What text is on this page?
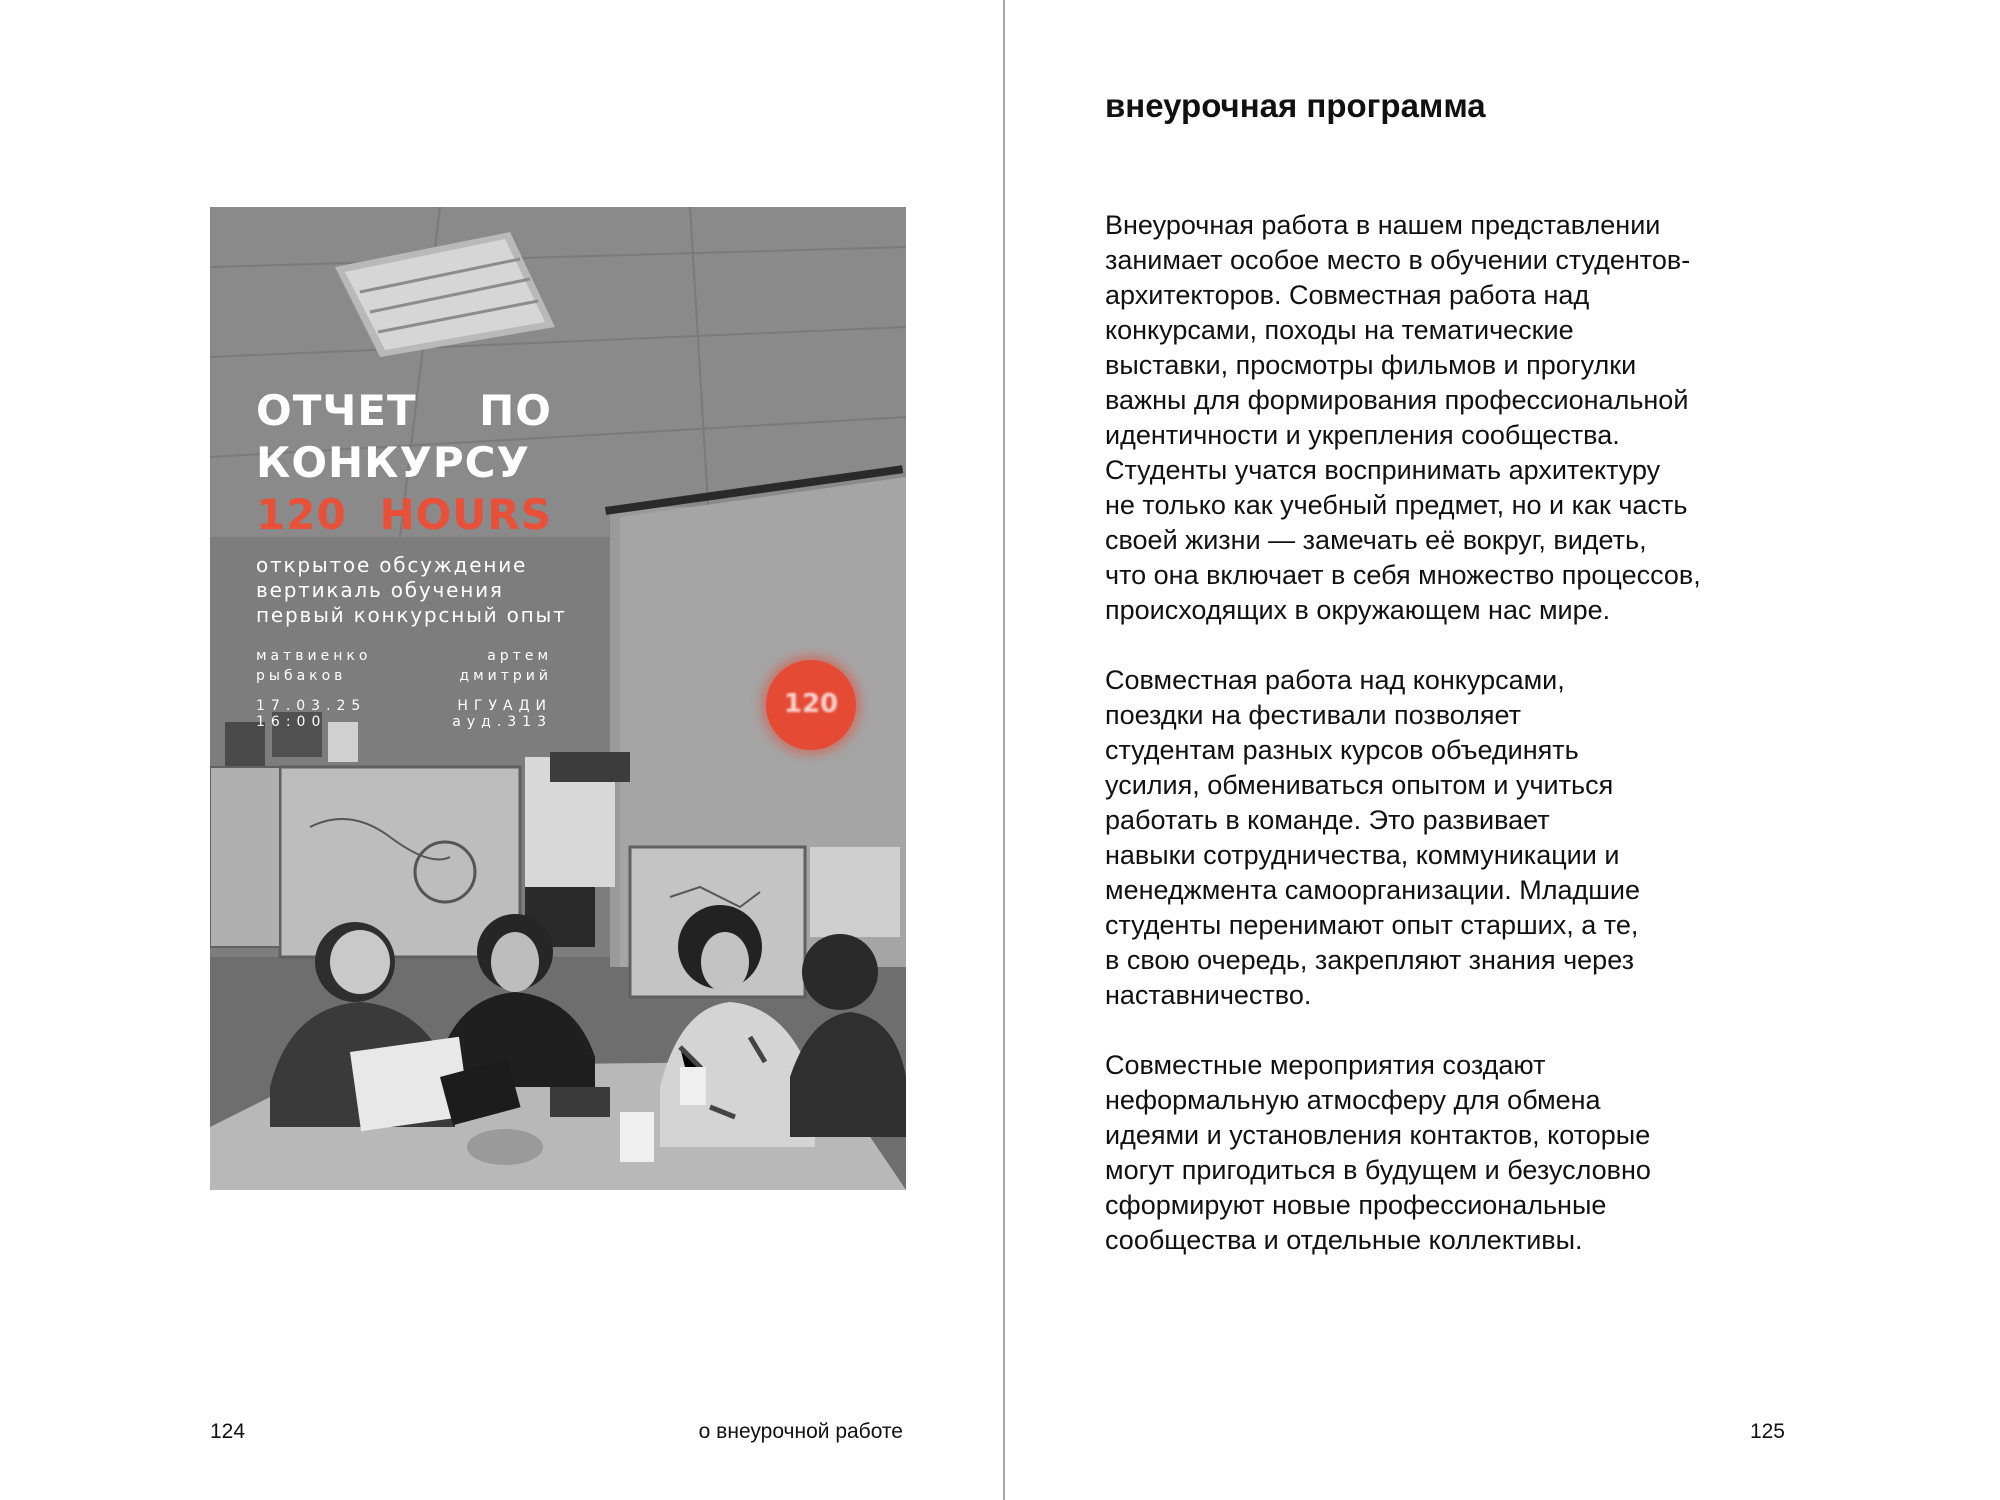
ОТЧЕТ ПО
КОНКУРСУ
120 HOURS
открытое обсуждение
вертикаль обучения
первый конкурсный опыт
матвиенко
рыбаков
артем
дмитрий
17.03.25
16:00
НГУАДИ
ауд.313
120
124	о внеурочной работе
внеурочная программа
Внеурочная работа в нашем представлении
занимает особое место в обучении студентов-
архитекторов. Совместная работа над
конкурсами, походы на тематические
выставки, просмотры фильмов и прогулки
важны для формирования профессиональной
идентичности и укрепления сообщества.
Студенты учатся воспринимать архитектуру
не только как учебный предмет, но и как часть
своей жизни — замечать её вокруг, видеть,
что она включает в себя множество процессов,
происходящих в окружающем нас мире.
Совместная работа над конкурсами,
поездки на фестивали позволяет
студентам разных курсов объединять
усилия, обмениваться опытом и учиться
работать в команде. Это развивает
навыки сотрудничества, коммуникации и
менеджмента самоорганизации. Младшие
студенты перенимают опыт старших, а те,
в свою очередь, закрепляют знания через
наставничество.
Совместные мероприятия создают
неформальную атмосферу для обмена
идеями и установления контактов, которые
могут пригодиться в будущем и безусловно
сформируют новые профессиональные
сообщества и отдельные коллективы.
125
